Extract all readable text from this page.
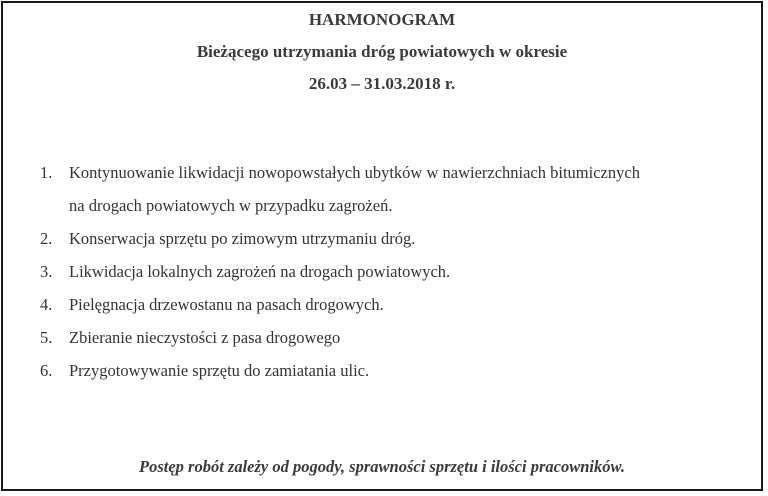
HARMONOGRAM
Bieżącego utrzymania dróg powiatowych w okresie
26.03 – 31.03.2018 r.
1. Kontynuowanie likwidacji nowopowstałych ubytków w nawierzchniach bitumicznych
na drogach powiatowych w przypadku zagrożeń.
2. Konserwacja sprzętu po zimowym utrzymaniu dróg.
3. Likwidacja lokalnych zagrożeń na drogach powiatowych.
4. Pielęgnacja drzewostanu na pasach drogowych.
5. Zbieranie nieczystości z pasa drogowego
6. Przygotowywanie sprzętu do zamiatania ulic.
Postęp robót zależy od pogody, sprawności sprzętu i ilości pracowników.
